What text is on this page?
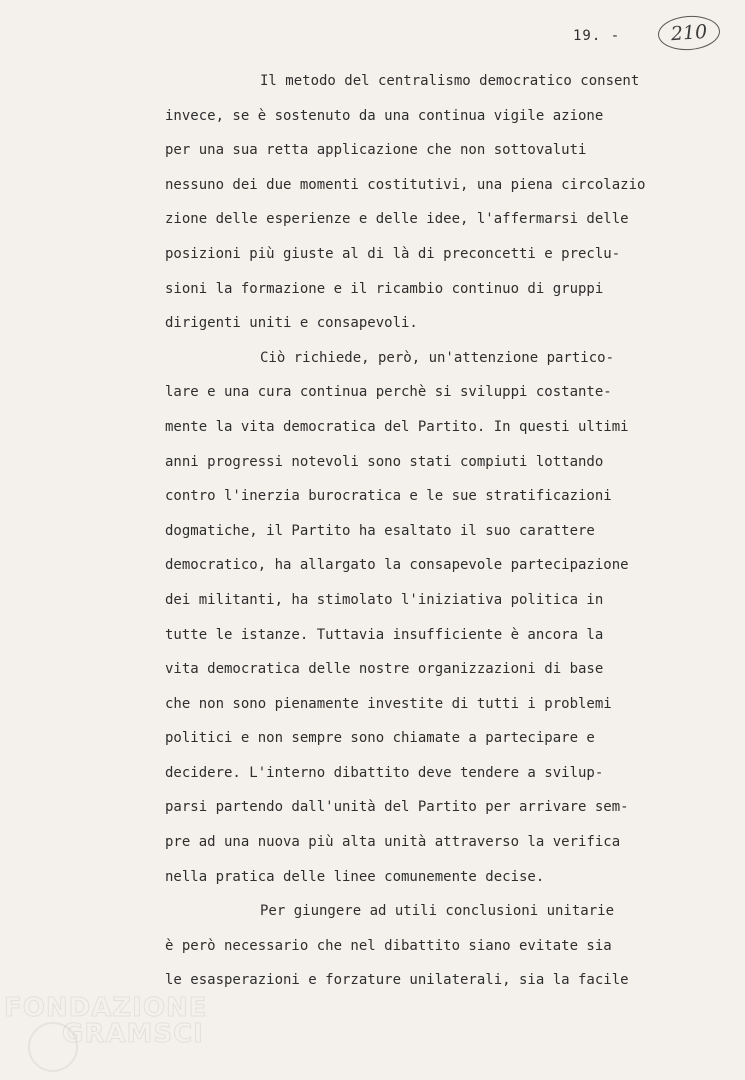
19. -	210
Il metodo del centralismo democratico consent
invece, se è sostenuto da una continua vigile azione
per una sua retta applicazione che non sottovaluti
nessuno dei due momenti costitutivi, una piena circolazio
zione delle esperienze e delle idee, l'affermarsi delle
posizioni più giuste al di là di preconcetti e preclu-
sioni la formazione e il ricambio continuo di gruppi
dirigenti uniti e consapevoli.
Ciò richiede, però, un'attenzione partico-
lare e una cura continua perchè si sviluppi costante-
mente la vita democratica del Partito. In questi ultimi
anni progressi notevoli sono stati compiuti lottando
contro l'inerzia burocratica e le sue stratificazioni
dogmatiche, il Partito ha esaltato il suo carattere
democratico, ha allargato la consapevole partecipazione
dei militanti, ha stimolato l'iniziativa politica in
tutte le istanze. Tuttavia insufficiente è ancora la
vita democratica delle nostre organizzazioni di base
che non sono pienamente investite di tutti i problemi
politici e non sempre sono chiamate a partecipare e
decidere. L'interno dibattito deve tendere a svilup-
parsi partendo dall'unità del Partito per arrivare sem-
pre ad una nuova più alta unità attraverso la verifica
nella pratica delle linee comunemente decise.
Per giungere ad utili conclusioni unitarie
è però necessario che nel dibattito siano evitate sia
le esasperazioni e forzature unilaterali, sia la facile
FONDAZIONE
GRAMSCI
